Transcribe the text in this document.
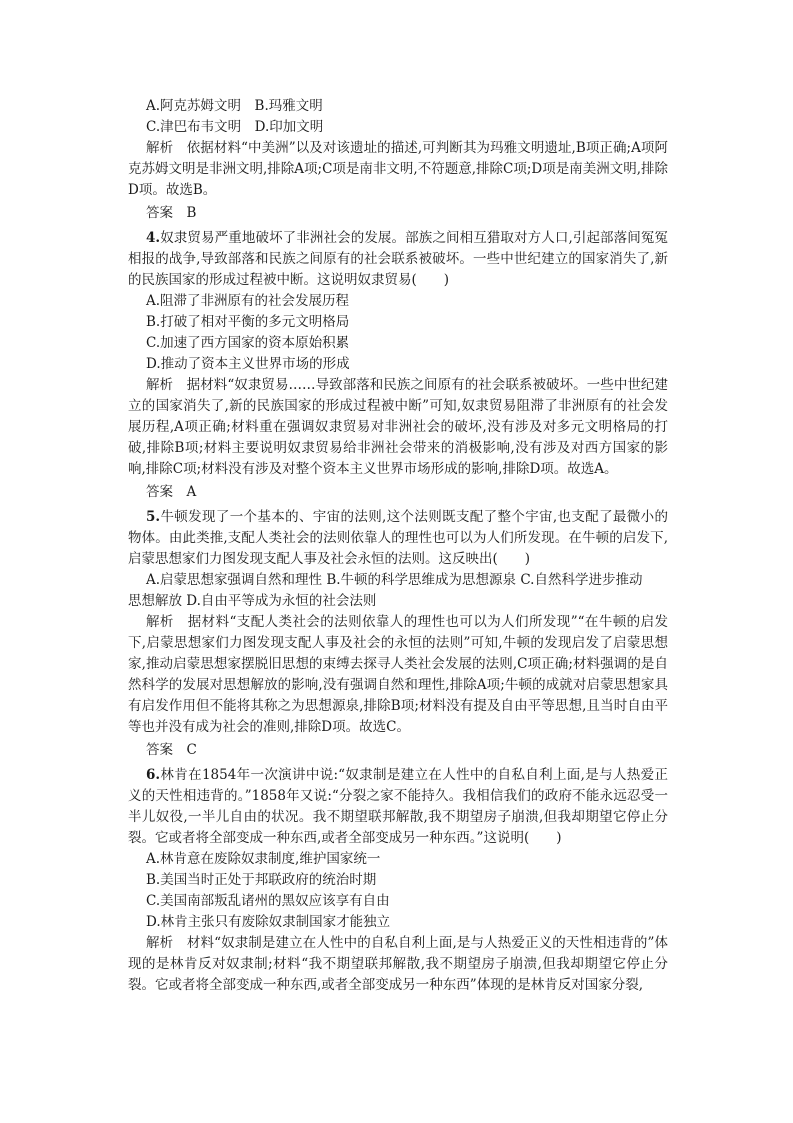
A.阿克苏姆文明　B.玛雅文明

C.津巴布韦文明　D.印加文明

解析　依据材料“中美洲”以及对该遗址的描述,可判断其为玛雅文明遗址,B项正确;A项阿克苏姆文明是非洲文明,排除A项;C项是南非文明,不符题意,排除C项;D项是南美洲文明,排除D项。故选B。

答案　B

4.奴隶贸易严重地破坏了非洲社会的发展。部族之间相互猎取对方人口,引起部落间冤冤相报的战争,导致部落和民族之间原有的社会联系被破坏。一些中世纪建立的国家消失了,新的民族国家的形成过程被中断。这说明奴隶贸易(　　)

A.阻滞了非洲原有的社会发展历程

B.打破了相对平衡的多元文明格局

C.加速了西方国家的资本原始积累

D.推动了资本主义世界市场的形成

解析　据材料“奴隶贸易……导致部落和民族之间原有的社会联系被破坏。一些中世纪建立的国家消失了,新的民族国家的形成过程被中断”可知,奴隶贸易阻滞了非洲原有的社会发展历程,A项正确;材料重在强调奴隶贸易对非洲社会的破坏,没有涉及对多元文明格局的打破,排除B项;材料主要说明奴隶贸易给非洲社会带来的消极影响,没有涉及对西方国家的影响,排除C项;材料没有涉及对整个资本主义世界市场形成的影响,排除D项。故选A。

答案　A

5.牛顿发现了一个基本的、宇宙的法则,这个法则既支配了整个宇宙,也支配了最微小的物体。由此类推,支配人类社会的法则依靠人的理性也可以为人们所发现。在牛顿的启发下,启蒙思想家们力图发现支配人事及社会永恒的法则。这反映出(　　)

A.启蒙思想家强调自然和理性 B.牛顿的科学思维成为思想源泉 C.自然科学进步推动

思想解放 D.自由平等成为永恒的社会法则

解析　据材料“支配人类社会的法则依靠人的理性也可以为人们所发现”“在牛顿的启发下,启蒙思想家们力图发现支配人事及社会的永恒的法则”可知,牛顿的发现启发了启蒙思想家,推动启蒙思想家摆脱旧思想的束缚去探寻人类社会发展的法则,C项正确;材料强调的是自然科学的发展对思想解放的影响,没有强调自然和理性,排除A项;牛顿的成就对启蒙思想家具有启发作用但不能将其称之为思想源泉,排除B项;材料没有提及自由平等思想,且当时自由平等也并没有成为社会的准则,排除D项。故选C。

答案　C

6.林肯在1854年一次演讲中说:“奴隶制是建立在人性中的自私自利上面,是与人热爱正义的天性相违背的。”1858年又说:“分裂之家不能持久。我相信我们的政府不能永远忍受一半儿奴役,一半儿自由的状况。我不期望联邦解散,我不期望房子崩溃,但我却期望它停止分裂。它或者将全部变成一种东西,或者全部变成另一种东西。”这说明(　　)

A.林肯意在废除奴隶制度,维护国家统一

B.美国当时正处于邦联政府的统治时期

C.美国南部叛乱诸州的黑奴应该享有自由

D.林肯主张只有废除奴隶制国家才能独立

解析　材料“奴隶制是建立在人性中的自私自利上面,是与人热爱正义的天性相违背的”体现的是林肯反对奴隶制;材料“我不期望联邦解散,我不期望房子崩溃,但我却期望它停止分裂。它或者将全部变成一种东西,或者全部变成另一种东西”体现的是林肯反对国家分裂,
